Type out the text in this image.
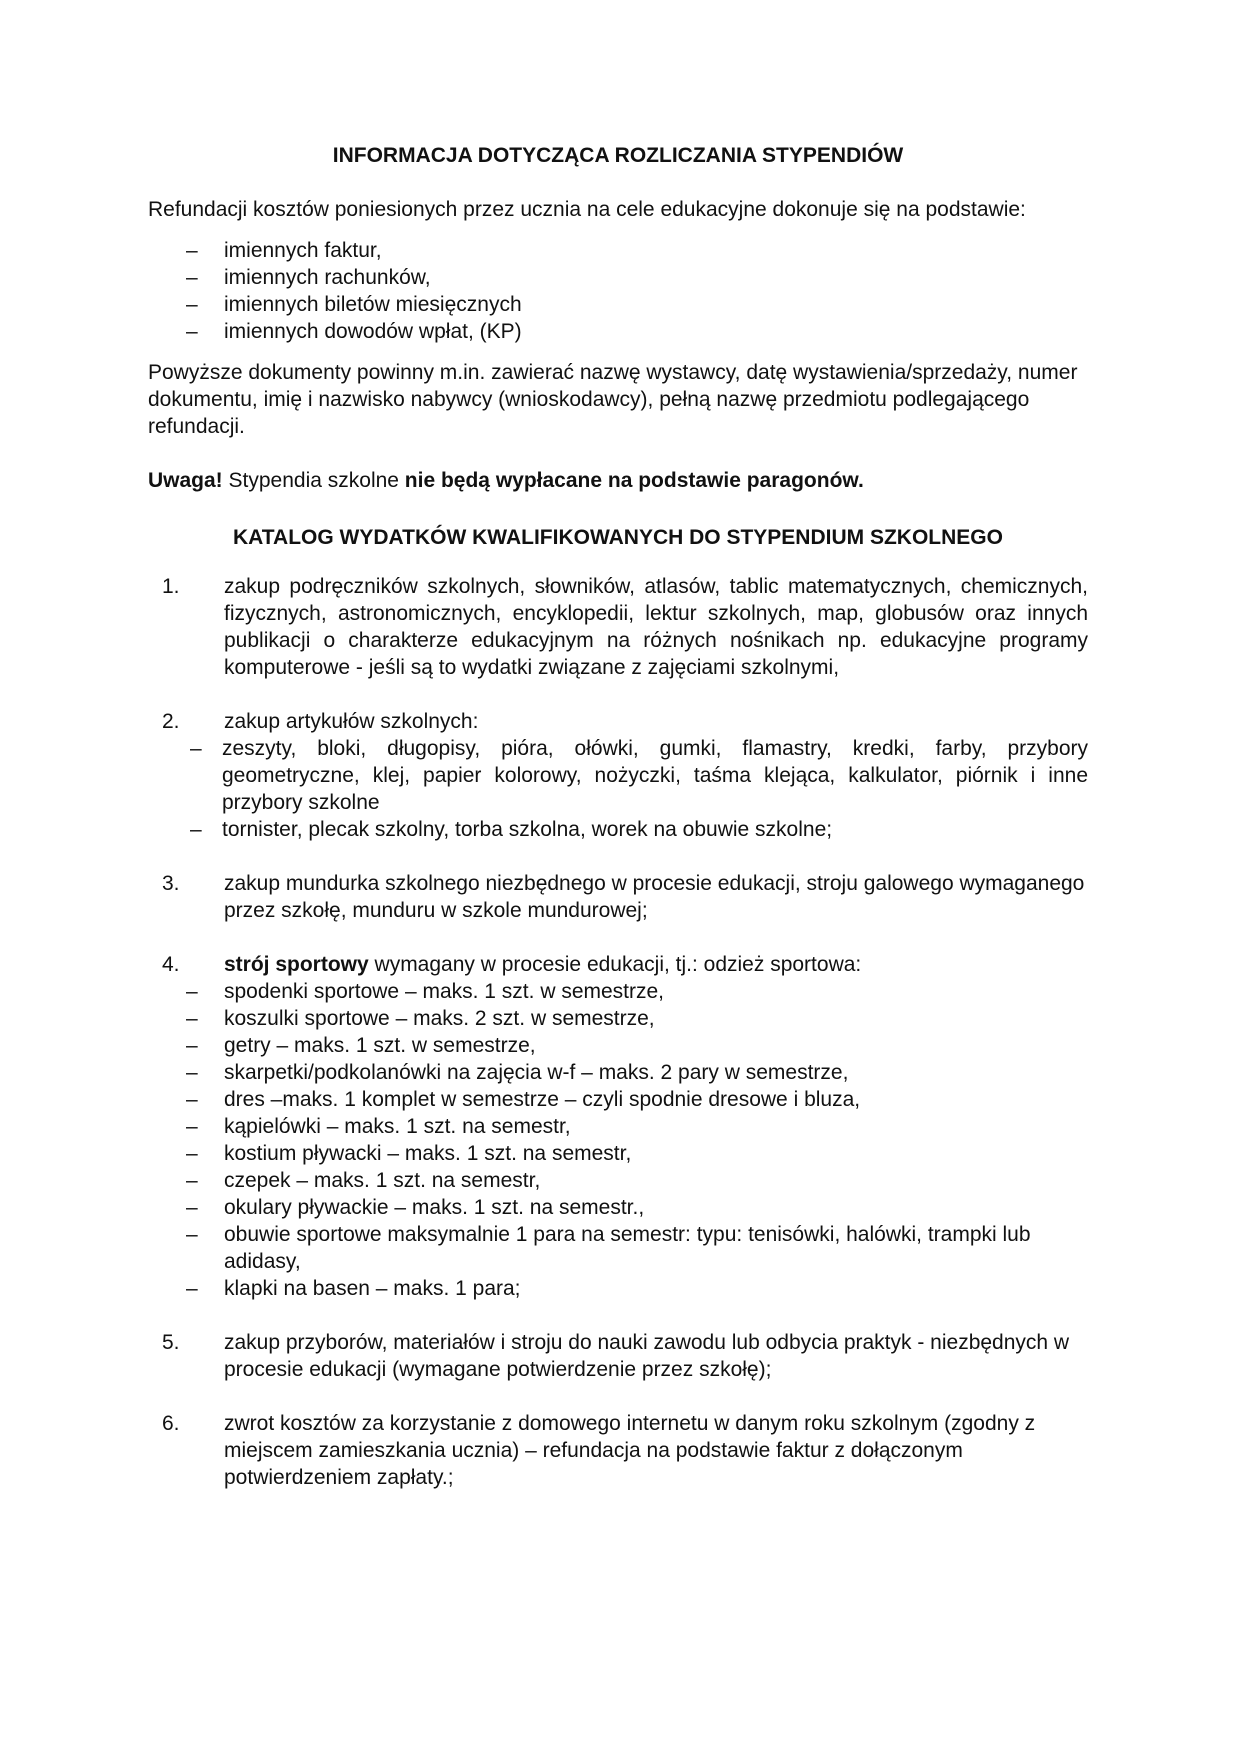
INFORMACJA DOTYCZĄCA ROZLICZANIA STYPENDIÓW

Refundacji kosztów poniesionych przez ucznia na cele edukacyjne dokonuje się na podstawie:

– imiennych faktur,
– imiennych rachunków,
– imiennych biletów miesięcznych
– imiennych dowodów wpłat, (KP)

Powyższe dokumenty powinny m.in. zawierać nazwę wystawcy, datę wystawienia/sprzedaży, numer dokumentu, imię i nazwisko nabywcy (wnioskodawcy), pełną nazwę przedmiotu podlegającego refundacji.

Uwaga! Stypendia szkolne nie będą wypłacane na podstawie paragonów.

KATALOG WYDATKÓW KWALIFIKOWANYCH DO STYPENDIUM SZKOLNEGO
1. zakup podręczników szkolnych, słowników, atlasów, tablic matematycznych, chemicznych, fizycznych, astronomicznych, encyklopedii, lektur szkolnych, map, globusów oraz innych publikacji o charakterze edukacyjnym na różnych nośnikach np. edukacyjne programy komputerowe - jeśli są to wydatki związane z zajęciami szkolnymi,
2. zakup artykułów szkolnych:
– zeszyty, bloki, długopisy, pióra, ołówki, gumki, flamastry, kredki, farby, przybory geometryczne, klej, papier kolorowy, nożyczki, taśma klejąca, kalkulator, piórnik i inne przybory szkolne
– tornister, plecak szkolny, torba szkolna, worek na obuwie szkolne;
3. zakup mundurka szkolnego niezbędnego w procesie edukacji, stroju galowego wymaganego przez szkołę, munduru w szkole mundurowej;
4. strój sportowy wymagany w procesie edukacji, tj.: odzież sportowa:
– spodenki sportowe – maks. 1 szt. w semestrze,
– koszulki sportowe – maks. 2 szt. w semestrze,
– getry – maks. 1 szt. w semestrze,
– skarpetki/podkolanówki na zajęcia w-f – maks. 2 pary w semestrze,
– dres –maks. 1 komplet w semestrze – czyli spodnie dresowe i bluza,
– kąpielówki – maks. 1 szt. na semestr,
– kostium pływacki – maks. 1 szt. na semestr,
– czepek – maks. 1 szt. na semestr,
– okulary pływackie – maks. 1 szt. na semestr.,
– obuwie sportowe maksymalnie 1 para na semestr: typu: tenisówki, halówki, trampki lub adidasy,
– klapki na basen – maks. 1 para;
5. zakup przyborów, materiałów i stroju do nauki zawodu lub odbycia praktyk - niezbędnych w procesie edukacji (wymagane potwierdzenie przez szkołę);
6. zwrot kosztów za korzystanie z domowego internetu w danym roku szkolnym (zgodny z miejscem zamieszkania ucznia) – refundacja na podstawie faktur z dołączonym potwierdzeniem zapłaty.;
